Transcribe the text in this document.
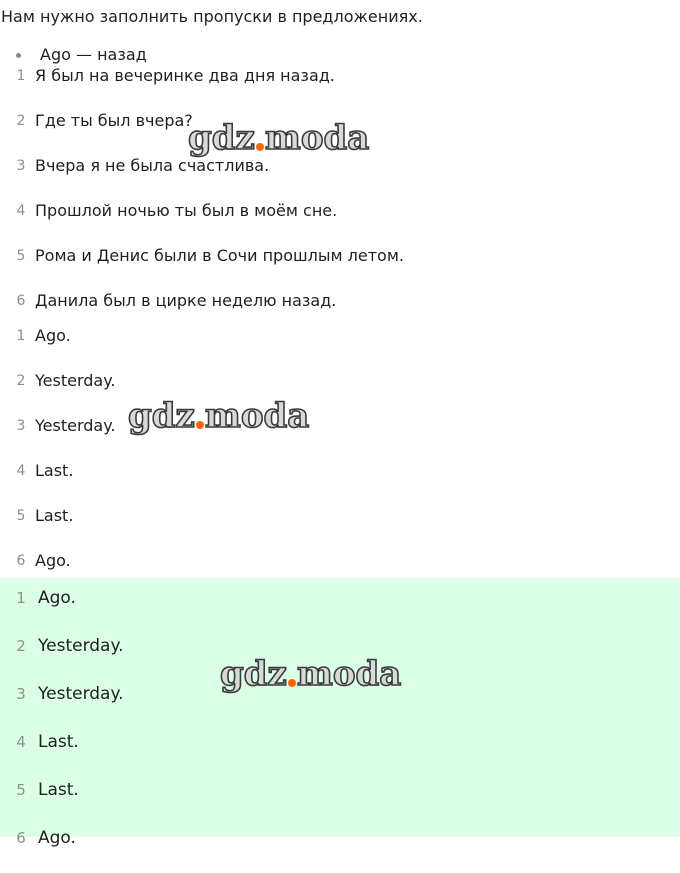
Нам нужно заполнить пропуски в предложениях.

Ago — назад
1 Я был на вечеринке два дня назад.
2 Где ты был вчера?
3 Вчера я не была счастлива.
4 Прошлой ночью ты был в моём сне.
5 Рома и Денис были в Сочи прошлым летом.
6 Данила был в цирке неделю назад.
1 Ago.
2 Yesterday.
3 Yesterday.
4 Last.
5 Last.
6 Ago.
1 Ago.
2 Yesterday.
3 Yesterday.
4 Last.
5 Last.
6 Ago.
gdz moda
gdz moda
gdz moda
